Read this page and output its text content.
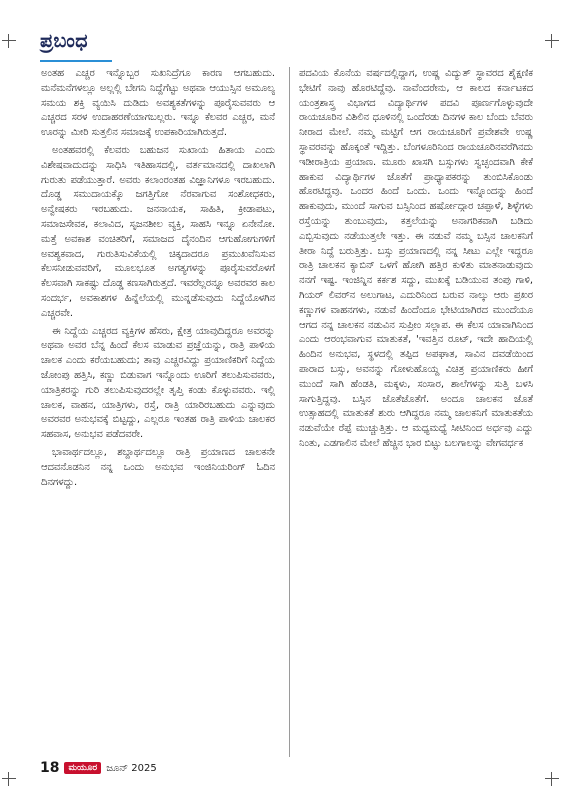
ಪ್ರಬಂಧ

ಅಂತಹ ಎಚ್ಚರ ಇನ್ನೊಬ್ಬರ ಸುಖನಿದ್ರೆಗೂ ಕಾರಣ ಆಗಬಹುದು. ಮನೆಮನೆಗಳಲ್ಲೂ ಅಲ್ಲಲ್ಲಿ ಬೇಗನಿ ನಿದ್ದೆಗೆಟ್ಟು ಅಥವಾ ಆಯುಸ್ಸಿನ ಅಮೂಲ್ಯ ಸಮಯ ಶಕ್ತಿ ವ್ಯಯಿಸಿ ದುಡಿದು ಅವಶ್ಯಕತೆಗಳನ್ನು ಪೂರೈಸುವವರು ಆ ಎಚ್ಚರದ ಸರಳ ಉದಾಹರಣೆಯಾಗಬಲ್ಲರು. ಇನ್ನೂ ಕೆಲವರ ಎಚ್ಚರ, ಮನೆ ಊರನ್ನು ಮೀರಿ ಸುತ್ತಲಿನ ಸಮಾಜಕ್ಕೆ ಉಪಕಾರಿಯಾಗಿರುತ್ತದೆ.

ಅಂತಹವರಲ್ಲಿ ಕೆಲವರು ಬಹುಜನ ಸುಖಾಯ ಹಿತಾಯ ಎಂದು ವಿಶೇಷವಾದುದನ್ನು ಸಾಧಿಸಿ ಇತಿಹಾಸದಲ್ಲಿ, ವರ್ತಮಾನದಲ್ಲಿ ದಾಖಲಾಗಿ ಗುರುತು ಪಡೆಯುತ್ತಾರೆ. ಅವರು ಕಲಾಂರಂತಹ ವಿಜ್ಞಾನಿಗಳೂ ಇರಬಹುದು. ದೊಡ್ಡ ಸಮುದಾಯಕ್ಕೊ ಜಗತ್ತಿಗೋ ನೆರವಾಗುವ ಸಂಶೋಧಕರು, ಅನ್ವೇಷಕರು ಇರಬಹುದು. ಜನನಾಯಕ, ಸಾಹಿತಿ, ಕ್ರೀಡಾಪಟು, ಸಮಾಜಸೇವಕ, ಕಲಾವಿದ, ಸೃಜನಶೀಲ ವ್ಯಕ್ತಿ, ಸಾಹಸಿ ಇನ್ನೂ ಏನೇನೋ. ಮತ್ತೆ ಅವಕಾಶ ವಂಚಿತರಿಗೆ, ಸಮಾಜದ ದೈನಂದಿನ ಆಗುಹೋಗುಗಳಿಗೆ ಅವಶ್ಯಕವಾದ, ಗುರುತಿಸುವಿಕೆಯಲ್ಲಿ ಚಿಕ್ಕದಾದರೂ ಪ್ರಮುಖವೆನಿಸುವ ಕೆಲಸನೀಡುವವರಿಗೆ, ಮೂಲಭೂತ ಅಗತ್ಯಗಳನ್ನು ಪೂರೈಸುವರೊಳಗೆ ಕೆಲಸವಾಗಿ ಸಾಕಷ್ಟು ದೊಡ್ಡ ಕಣಸಾಗಿರುತ್ತದೆ. ಇವರೆಲ್ಲರನ್ನೂ ಅವರವರ ಕಾಲ ಸಂದರ್ಭ, ಅವಕಾಶಗಳ ಹಿನ್ನೆಲೆಯಲ್ಲಿ ಮುನ್ನಡೆಸುವುದು ನಿದ್ದೆಯೊಳಗಿನ ಎಚ್ಚರವೇ.

ಈ ನಿದ್ದೆಯ ಎಚ್ಚರದ ವ್ಯಕ್ತಿಗಳ ಹೆಸರು, ಕ್ಷೇತ್ರ ಯಾವುದಿದ್ದರೂ ಅವರನ್ನು ಅಥವಾ ಅವರ ಬೆನ್ನ ಹಿಂದೆ ಕೆಲಸ ಮಾಡುವ ಪ್ರಜ್ಞೆಯನ್ನು, ರಾತ್ರಿ ಪಾಳಿಯ ಚಾಲಕ ಎಂದು ಕರೆಯಬಹುದು; ತಾವು ಎಚ್ಚರವಿದ್ದು ಪ್ರಯಾಣಿಕರಿಗೆ ನಿದ್ದೆಯ ಜೋಂಪು ಹತ್ತಿಸಿ, ಕಣ್ಣು ಬಿಡುವಾಗ ಇನ್ನೊಂದು ಊರಿಗೆ ತಲುಪಿಸುವವರು, ಯಾತ್ರಿಕರನ್ನು ಗುರಿ ತಲುಪಿಸುವುದರಲ್ಲೇ ತೃಪ್ತಿ ಕಂಡು ಕೊಳ್ಳುವವರು. ಇಲ್ಲಿ ಚಾಲಕ, ವಾಹನ, ಯಾತ್ರಿಗಳು, ರಸ್ತೆ, ರಾತ್ರಿ ಯಾರಿರಬಹುದು ಎನ್ನುವುದು ಅವರವರ ಅನುಭವಕ್ಕೆ ಬಿಟ್ಟದ್ದು, ಎಲ್ಲರೂ ಇಂತಹ ರಾತ್ರಿ ಪಾಳಿಯ ಚಾಲಕರ ಸಹವಾಸ, ಅನುಭವ ಪಡೆದವರೇ.

ಭಾವಾರ್ಥದಲ್ಲೂ, ಶಬ್ದಾರ್ಥದಲ್ಲೂ ರಾತ್ರಿ ಪ್ರಯಾಣದ ಚಾಲಕನೇ ಆದವನೊಡನಿನ ನನ್ನ ಒಂದು ಅನುಭವ ಇಂಜಿನಿಯರಿಂಗ್ ಓದಿನ ದಿನಗಳದ್ದು.

ಪದವಿಯ ಕೊನೆಯ ವರ್ಷದಲ್ಲಿದ್ದಾಗ, ಉಷ್ಣ ವಿದ್ಯುತ್ ಸ್ಥಾವರದ ಶೈಕ್ಷಣಿಕ ಭೇಟಿಗೆ ನಾವು ಹೊರಟಿದ್ದೆವು. ನಾವೆಂದರೇನು, ಆ ಕಾಲದ ಕರ್ನಾಟಕದ ಯಂತ್ರಶಾಸ್ತ್ರ ವಿಭಾಗದ ವಿದ್ಯಾರ್ಥಿಗಳ ಪದವಿ ಪೂರ್ಣಗೊಳ್ಳುವುದೇ ರಾಯಚೂರಿನ ವಿಶಿಲಿನ ಧೂಳಿನಲ್ಲಿ ಒಂದೆರಡು ದಿನಗಳ ಕಾಲ ಬೆಂದು ಬೆವರು ನೀರಾದ ಮೇಲೆ. ನಮ್ಮ ಮಟ್ಟಿಗೆ ಆಗ ರಾಯಚೂರಿಗೆ ಪ್ರವೇಶವೇ ಉಷ್ಣ ಸ್ಥಾವರವನ್ನು ಹೊಕ್ಕಂತೆ ಇದ್ದಿತ್ತು. ಬೆಂಗಳೂರಿನಿಂದ ರಾಯಚೂರಿನವರೆಗಿನದು ಇಡೀರಾತ್ರಿಯ ಪ್ರಯಾಣ. ಮೂರು ಖಾಸಗಿ ಬಸ್ಸುಗಳು ಸ್ವಚ್ಛಂದವಾಗಿ ಕೇಕೆ ಹಾಕುವ ವಿದ್ಯಾರ್ಥಿಗಳ ಜೊತೆಗೆ ಪ್ರಾಧ್ಯಾಪಕರನ್ನು ತುಂಬಿಸಿಕೊಂಡು ಹೊರಟಿದ್ದವು. ಒಂದರ ಹಿಂದೆ ಒಂದು. ಒಂದು ಇನ್ನೊಂದನ್ನು ಹಿಂದೆ ಹಾಕುವುದು, ಮುಂದೆ ಸಾಗುವ ಬಸ್ಸಿನಿಂದ ಹರ್ಷೋದ್ಗಾರ ಚಪ್ಪಾಳೆ, ಶಿಳ್ಳೆಗಳು ರಸ್ತೆಯನ್ನು ತುಂಬುವುದು, ಕತ್ತಲೆಯನ್ನು ಅನಾಗರಿಕವಾಗಿ ಬಡಿದು ಎಬ್ಬಿಸುವುದು ನಡೆಯುತ್ತಲೇ ಇತ್ತು. ಈ ನಡುವೆ ನಮ್ಮ ಬಸ್ಸಿನ ಚಾಲಕನಿಗೆ ತೀರಾ ನಿದ್ದೆ ಬರುತ್ತಿತ್ತು. ಬಸ್ಸು ಪ್ರಯಾಣದಲ್ಲಿ ನನ್ನ ಸೀಟು ಎಲ್ಲೇ ಇದ್ದರೂ ರಾತ್ರಿ ಚಾಲಕನ ಕ್ಯಾಬಿನ್ ಒಳಗೆ ಹೋಗಿ ಹತ್ತಿರ ಕುಳಿತು ಮಾತನಾಡುವುದು ನನಗೆ ಇಷ್ಟ. ಇಂಜಿನ್ನಿನ ಕರ್ಕಶ ಸದ್ದು, ಮುಖಕ್ಕೆ ಬಡಿಯುವ ತಂಪು ಗಾಳಿ, ಗಿಯರ್ ಲಿವರ್‌ನ ಅಲುಗಾಟ, ಎದುರಿನಿಂದ ಬರುವ ನಾಲ್ಕು ಆರು ಪ್ರಖರ ಕಣ್ಣುಗಳ ವಾಹನಗಳು, ನಡುವೆ ಹಿಂದೆಂದೂ ಭೇಟಿಯಾಗಿರದ ಮುಂದೆಯೂ ಆಗದ ನನ್ನ ಚಾಲಕನ ನಡುವಿನ ಸುಪ್ರೀಂ ಸಲ್ಲಾಪ. ಈ ಕೆಲಸ ಯಾವಾಗಿನಿಂದ ಎಂದು ಆರಂಭವಾಗುವ ಮಾತುಕತೆ, 'ಇವತ್ತಿನ ರೂಟ್, ಇದೇ ಹಾದಿಯಲ್ಲಿ ಹಿಂದಿನ ಅನುಭವ, ಸ್ಥಳದಲ್ಲಿ ತಪ್ಪಿದ ಅಪಘಾತ, ಸಾವಿನ ದವಡೆಯಿಂದ ಪಾರಾದ ಬಸ್ಸು, ಅವನನ್ನು ಗೋಳುಹೊಯ್ದ ವಿಚಿತ್ರ ಪ್ರಯಾಣಿಕರು ಹೀಗೆ ಮುಂದೆ ಸಾಗಿ ಹೆಂಡತಿ, ಮಕ್ಕಳು, ಸಂಸಾರ, ಶಾಲೆಗಳನ್ನು ಸುತ್ತಿ ಬಳಸಿ ಸಾಗುತ್ತಿದ್ದವು. ಬಸ್ಸಿನ ಜೊತೆಜೊತೆಗೆ. ಅಂದೂ ಚಾಲಕನ ಜೊತೆ ಉತ್ಸಾಹದಲ್ಲಿ ಮಾತುಕತೆ ಶುರು ಆಗಿದ್ದರೂ ನಮ್ಮ ಚಾಲಕನಿಗೆ ಮಾತುಕತೆಯ ನಡುವೆಯೇ ರೆಪ್ಪೆ ಮುಚ್ಚುತ್ತಿತ್ತು. ಆ ಮಧ್ಯಮಧ್ಯೆ ಸೀಟಿನಿಂದ ಅರ್ಧವು ಎದ್ದು ನಿಂತು, ಎಡಗಾಲಿನ ಮೇಲೆ ಹೆಚ್ಚಿನ ಭಾರ ಬಿಟ್ಟು ಬಲಗಾಲನ್ನು ವೇಗವರ್ಧಕ

18	ಮಯೂರ ಜೂನ್ 2025
